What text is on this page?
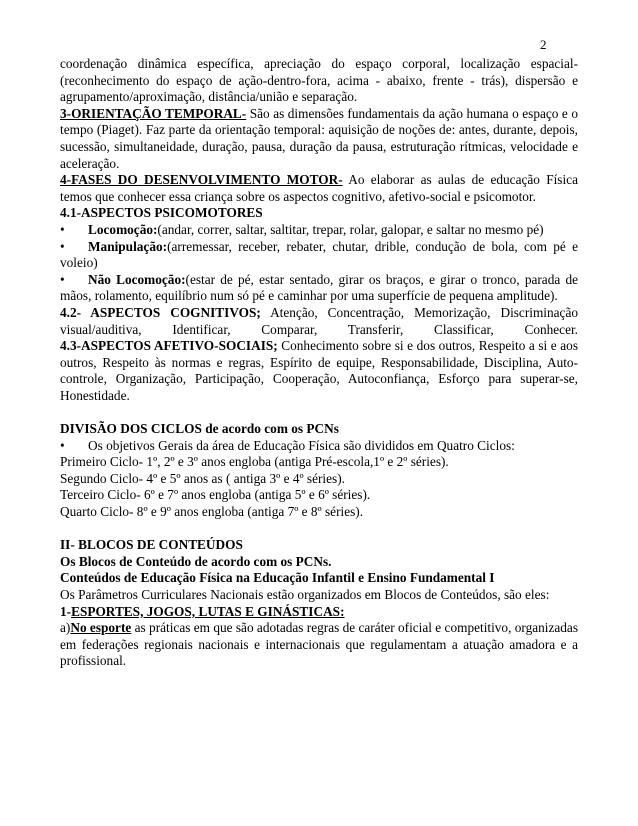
2

coordenação dinâmica específica, apreciação do espaço corporal, localização espacial-(reconhecimento do espaço de ação-dentro-fora, acima - abaixo, frente - trás), dispersão e agrupamento/aproximação, distância/união e separação.

3-ORIENTAÇÃO TEMPORAL- São as dimensões fundamentais da ação humana o espaço e o tempo (Piaget). Faz parte da orientação temporal: aquisição de noções de: antes, durante, depois, sucessão, simultaneidade, duração, pausa, duração da pausa, estruturação rítmicas, velocidade e aceleração.

4-FASES DO DESENVOLVIMENTO MOTOR- Ao elaborar as aulas de educação Física temos que conhecer essa criança sobre os aspectos cognitivo, afetivo-social e psicomotor.

4.1-ASPECTOS PSICOMOTORES

• Locomoção:(andar, correr, saltar, saltitar, trepar, rolar, galopar, e saltar no mesmo pé)

• Manipulação:(arremessar, receber, rebater, chutar, drible, condução de bola, com pé e voleio)

• Não Locomoção:(estar de pé, estar sentado, girar os braços, e girar o tronco, parada de mãos, rolamento, equilíbrio num só pé e caminhar por uma superfície de pequena amplitude).

4.2- ASPECTOS COGNITIVOS; Atenção, Concentração, Memorização, Discriminação visual/auditiva, Identificar, Comparar, Transferir, Classificar, Conhecer.

4.3-ASPECTOS AFETIVO-SOCIAIS; Conhecimento sobre si e dos outros, Respeito a si e aos outros, Respeito às normas e regras, Espírito de equipe, Responsabilidade, Disciplina, Auto-controle, Organização, Participação, Cooperação, Autoconfiança, Esforço para superar-se, Honestidade.

DIVISÃO DOS CICLOS de acordo com os PCNs

• Os objetivos Gerais da área de Educação Física são divididos em Quatro Ciclos:

Primeiro Ciclo- 1º, 2º e 3º anos engloba (antiga Pré-escola,1º e 2º séries).

Segundo Ciclo- 4º e 5º anos as ( antiga 3º e 4º séries).

Terceiro Ciclo- 6º e 7º anos engloba (antiga 5º e 6º séries).

Quarto Ciclo- 8º e 9º anos engloba (antiga 7º e 8º séries).

II- BLOCOS DE CONTEÚDOS

Os Blocos de Conteúdo de acordo com os PCNs.

Conteúdos de Educação Física na Educação Infantil e Ensino Fundamental I

Os Parâmetros Curriculares Nacionais estão organizados em Blocos de Conteúdos, são eles:

1-ESPORTES, JOGOS, LUTAS E GINÁSTICAS:

a)No esporte as práticas em que são adotadas regras de caráter oficial e competitivo, organizadas em federações regionais nacionais e internacionais que regulamentam a atuação amadora e a profissional.
